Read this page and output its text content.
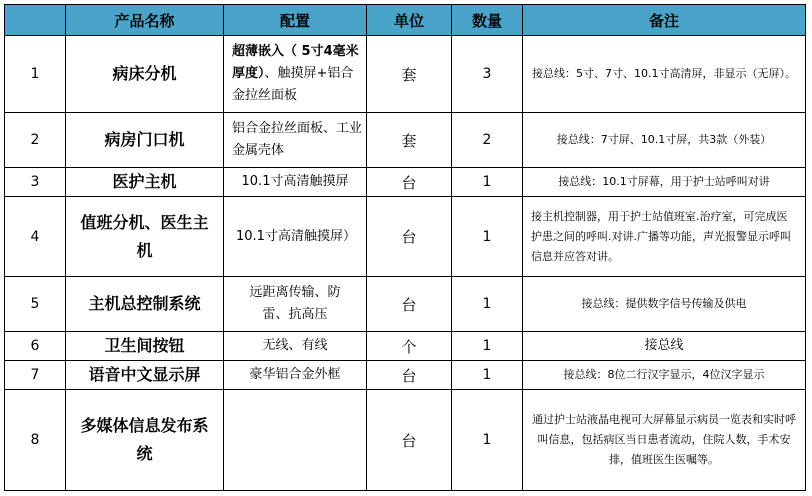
	产品名称	配置	单位	数量	备注
1	病床分机	超薄嵌入（ 5寸4毫米厚度）、触摸屏+铝合金拉丝面板	套	3	接总线：5寸、7寸、10.1寸高清屏，非显示（无屏）。
2	病房门口机	铝合金拉丝面板、工业金属壳体	套	2	接总线：7寸屏、10.1寸屏，共3款（外装）
3	医护主机	10.1寸高清触摸屏	台	1	接总线：10.1寸屏幕，用于护士站呼叫对讲
4	值班分机、医生主机	10.1寸高清触摸屏）	台	1	接主机控制器，用于护士站值班室.治疗室，可完成医护患之间的呼叫.对讲.广播等功能，声光报警显示呼叫信息并应答对讲。
5	主机总控制系统	远距离传输、防雷、抗高压	台	1	接总线：提供数字信号传输及供电
6	卫生间按钮	无线、有线	个	1	接总线
7	语音中文显示屏	豪华铝合金外框	台	1	接总线：8位二行汉字显示，4位汉字显示
8	多媒体信息发布系统		台	1	通过护士站液晶电视可大屏幕显示病员一览表和实时呼叫信息，包括病区当日患者流动，住院人数，手术安排，值班医生医嘱等。
